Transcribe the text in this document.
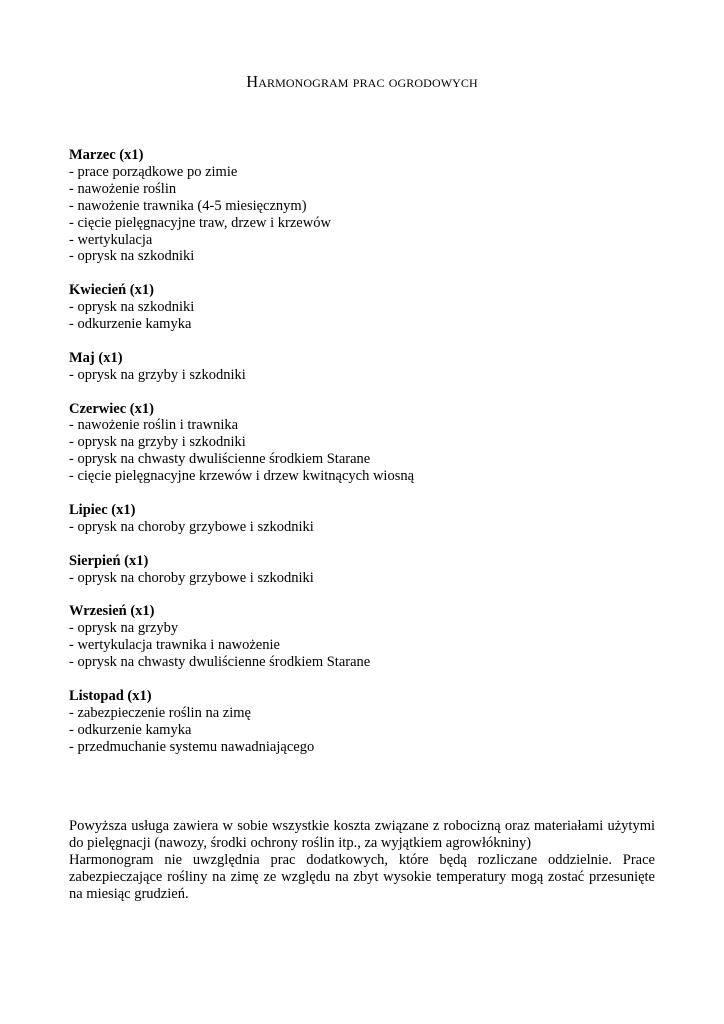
Harmonogram prac ogrodowych
Marzec (x1)
- prace porządkowe po zimie
- nawożenie roślin
- nawożenie trawnika (4-5 miesięcznym)
- cięcie pielęgnacyjne traw, drzew i krzewów
- wertykulacja
- oprysk na szkodniki
Kwiecień (x1)
- oprysk na szkodniki
- odkurzenie kamyka
Maj (x1)
- oprysk na grzyby i szkodniki
Czerwiec (x1)
- nawożenie roślin i trawnika
- oprysk na grzyby i szkodniki
- oprysk na chwasty dwuliścienne środkiem Starane
- cięcie pielęgnacyjne krzewów i drzew kwitnących wiosną
Lipiec (x1)
- oprysk na choroby grzybowe i szkodniki
Sierpień (x1)
- oprysk na choroby grzybowe i szkodniki
Wrzesień (x1)
- oprysk na grzyby
- wertykulacja trawnika i nawożenie
- oprysk na chwasty dwuliścienne środkiem Starane
Listopad (x1)
- zabezpieczenie roślin na zimę
- odkurzenie kamyka
- przedmuchanie systemu nawadniającego

Powyższa usługa zawiera w sobie wszystkie koszta związane z robocizną oraz materiałami użytymi do pielęgnacji (nawozy, środki ochrony roślin itp., za wyjątkiem agrowłókniny)

Harmonogram nie uwzględnia prac dodatkowych, które będą rozliczane oddzielnie. Prace zabezpieczające rośliny na zimę ze względu na zbyt wysokie temperatury mogą zostać przesunięte na miesiąc grudzień.
